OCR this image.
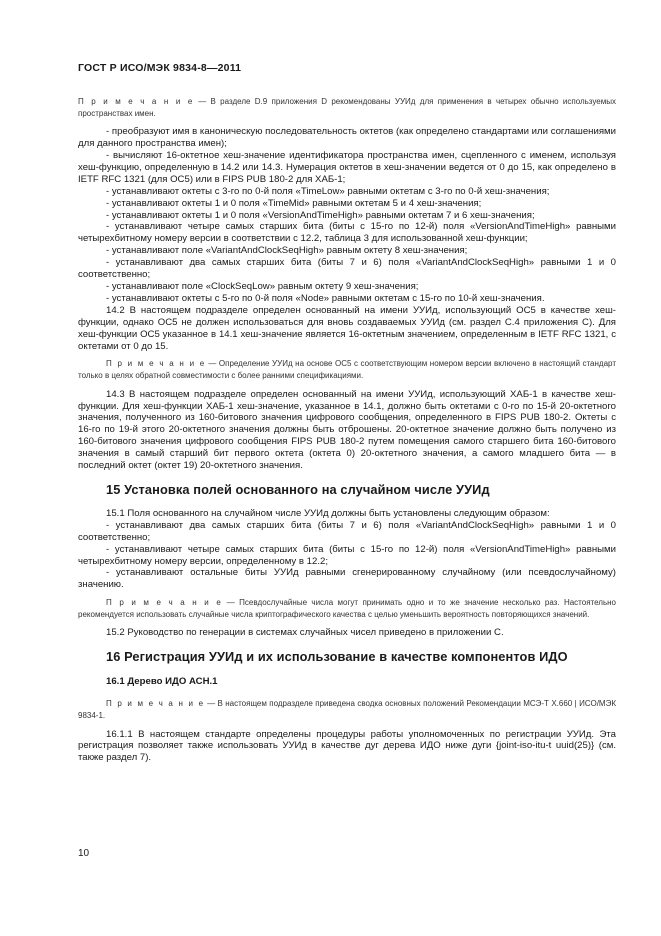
ГОСТ Р ИСО/МЭК 9834-8—2011

П р и м е ч а н и е — В разделе D.9 приложения D рекомендованы УУИд для применения в четырех обычно используемых пространствах имен.

- преобразуют имя в каноническую последовательность октетов (как определено стандартами или соглашениями для данного пространства имен);

- вычисляют 16-октетное хеш-значение идентификатора пространства имен, сцепленного с именем, используя хеш-функцию, определенную в 14.2 или 14.3. Нумерация октетов в хеш-значении ведется от 0 до 15, как определено в IETF RFC 1321 (для ОС5) или в FIPS PUB 180-2 для ХАБ-1;

- устанавливают октеты с 3-го по 0-й поля «TimeLow» равными октетам с 3-го по 0-й хеш-значения;

- устанавливают октеты 1 и 0 поля «TimeMid» равными октетам 5 и 4 хеш-значения;

- устанавливают октеты 1 и 0 поля «VersionAndTimeHigh» равными октетам 7 и 6 хеш-значения;

- устанавливают четыре самых старших бита (биты с 15-го по 12-й) поля «VersionAndTimeHigh» равными четырехбитному номеру версии в соответствии с 12.2, таблица 3 для использованной хеш-функции;

- устанавливают поле «VariantAndClockSeqHigh» равным октету 8 хеш-значения;

- устанавливают два самых старших бита (биты 7 и 6) поля «VariantAndClockSeqHigh» равными 1 и 0 соответственно;

- устанавливают поле «ClockSeqLow» равным октету 9 хеш-значения;

- устанавливают октеты с 5-го по 0-й поля «Node» равными октетам с 15-го по 10-й хеш-значения.

14.2 В настоящем подразделе определен основанный на имени УУИд, использующий ОС5 в качестве хеш-функции, однако ОС5 не должен использоваться для вновь создаваемых УУИд (см. раздел С.4 приложения С). Для хеш-функции ОС5 указанное в 14.1 хеш-значение является 16-октетным значением, определенным в IETF RFC 1321, с октетами от 0 до 15.

П р и м е ч а н и е — Определение УУИд на основе ОС5 с соответствующим номером версии включено в настоящий стандарт только в целях обратной совместимости с более ранними спецификациями.

14.3 В настоящем подразделе определен основанный на имени УУИд, использующий ХАБ-1 в качестве хеш-функции. Для хеш-функции ХАБ-1 хеш-значение, указанное в 14.1, должно быть октетами с 0-го по 15-й 20-октетного значения, полученного из 160-битового значения цифрового сообщения, определенного в FIPS PUB 180-2. Октеты с 16-го по 19-й этого 20-октетного значения должны быть отброшены. 20-октетное значение должно быть получено из 160-битового значения цифрового сообщения FIPS PUB 180-2 путем помещения самого старшего бита 160-битового значения в самый старший бит первого октета (октета 0) 20-октетного значения, а самого младшего бита — в последний октет (октет 19) 20-октетного значения.

15 Установка полей основанного на случайном числе УУИд

15.1 Поля основанного на случайном числе УУИд должны быть установлены следующим образом:

- устанавливают два самых старших бита (биты 7 и 6) поля «VariantAndClockSeqHigh» равными 1 и 0 соответственно;

- устанавливают четыре самых старших бита (биты с 15-го по 12-й) поля «VersionAndTimeHigh» равными четырехбитному номеру версии, определенному в 12.2;

- устанавливают остальные биты УУИд равными сгенерированному случайному (или псевдослучайному) значению.

П р и м е ч а н и е — Псевдослучайные числа могут принимать одно и то же значение несколько раз. Настоятельно рекомендуется использовать случайные числа криптографического качества с целью уменьшить вероятность повторяющихся значений.

15.2 Руководство по генерации в системах случайных чисел приведено в приложении С.

16 Регистрация УУИд и их использование в качестве компонентов ИДО
16.1 Дерево ИДО АСН.1

П р и м е ч а н и е — В настоящем подразделе приведена сводка основных положений Рекомендации МСЭ-Т Х.660 | ИСО/МЭК 9834-1.

16.1.1 В настоящем стандарте определены процедуры работы уполномоченных по регистрации УУИд. Эта регистрация позволяет также использовать УУИд в качестве дуг дерева ИДО ниже дуги {joint-iso-itu-t uuid(25)} (см. также раздел 7).

10
